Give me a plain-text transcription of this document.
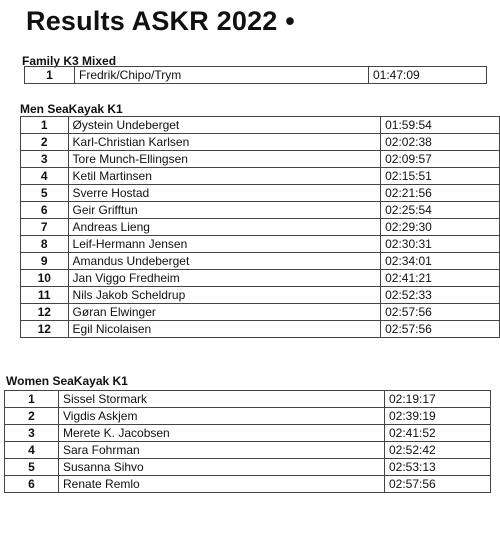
Results ASKR 2022 •
Family K3 Mixed
1	Fredrik/Chipo/Trym	01:47:09
Men SeaKayak K1
1	Øystein Undeberget	01:59:54
2	Karl-Christian Karlsen	02:02:38
3	Tore Munch-Ellingsen	02:09:57
4	Ketil Martinsen	02:15:51
5	Sverre Hostad	02:21:56
6	Geir Grifftun	02:25:54
7	Andreas Lieng	02:29:30
8	Leif-Hermann Jensen	02:30:31
9	Amandus Undeberget	02:34:01
10	Jan Viggo Fredheim	02:41:21
11	Nils Jakob Scheldrup	02:52:33
12	Gøran Elwinger	02:57:56
12	Egil Nicolaisen	02:57:56
Women SeaKayak K1
1	Sissel Stormark	02:19:17
2	Vigdis Askjem	02:39:19
3	Merete K. Jacobsen	02:41:52
4	Sara Fohrman	02:52:42
5	Susanna Sihvo	02:53:13
6	Renate Remlo	02:57:56
